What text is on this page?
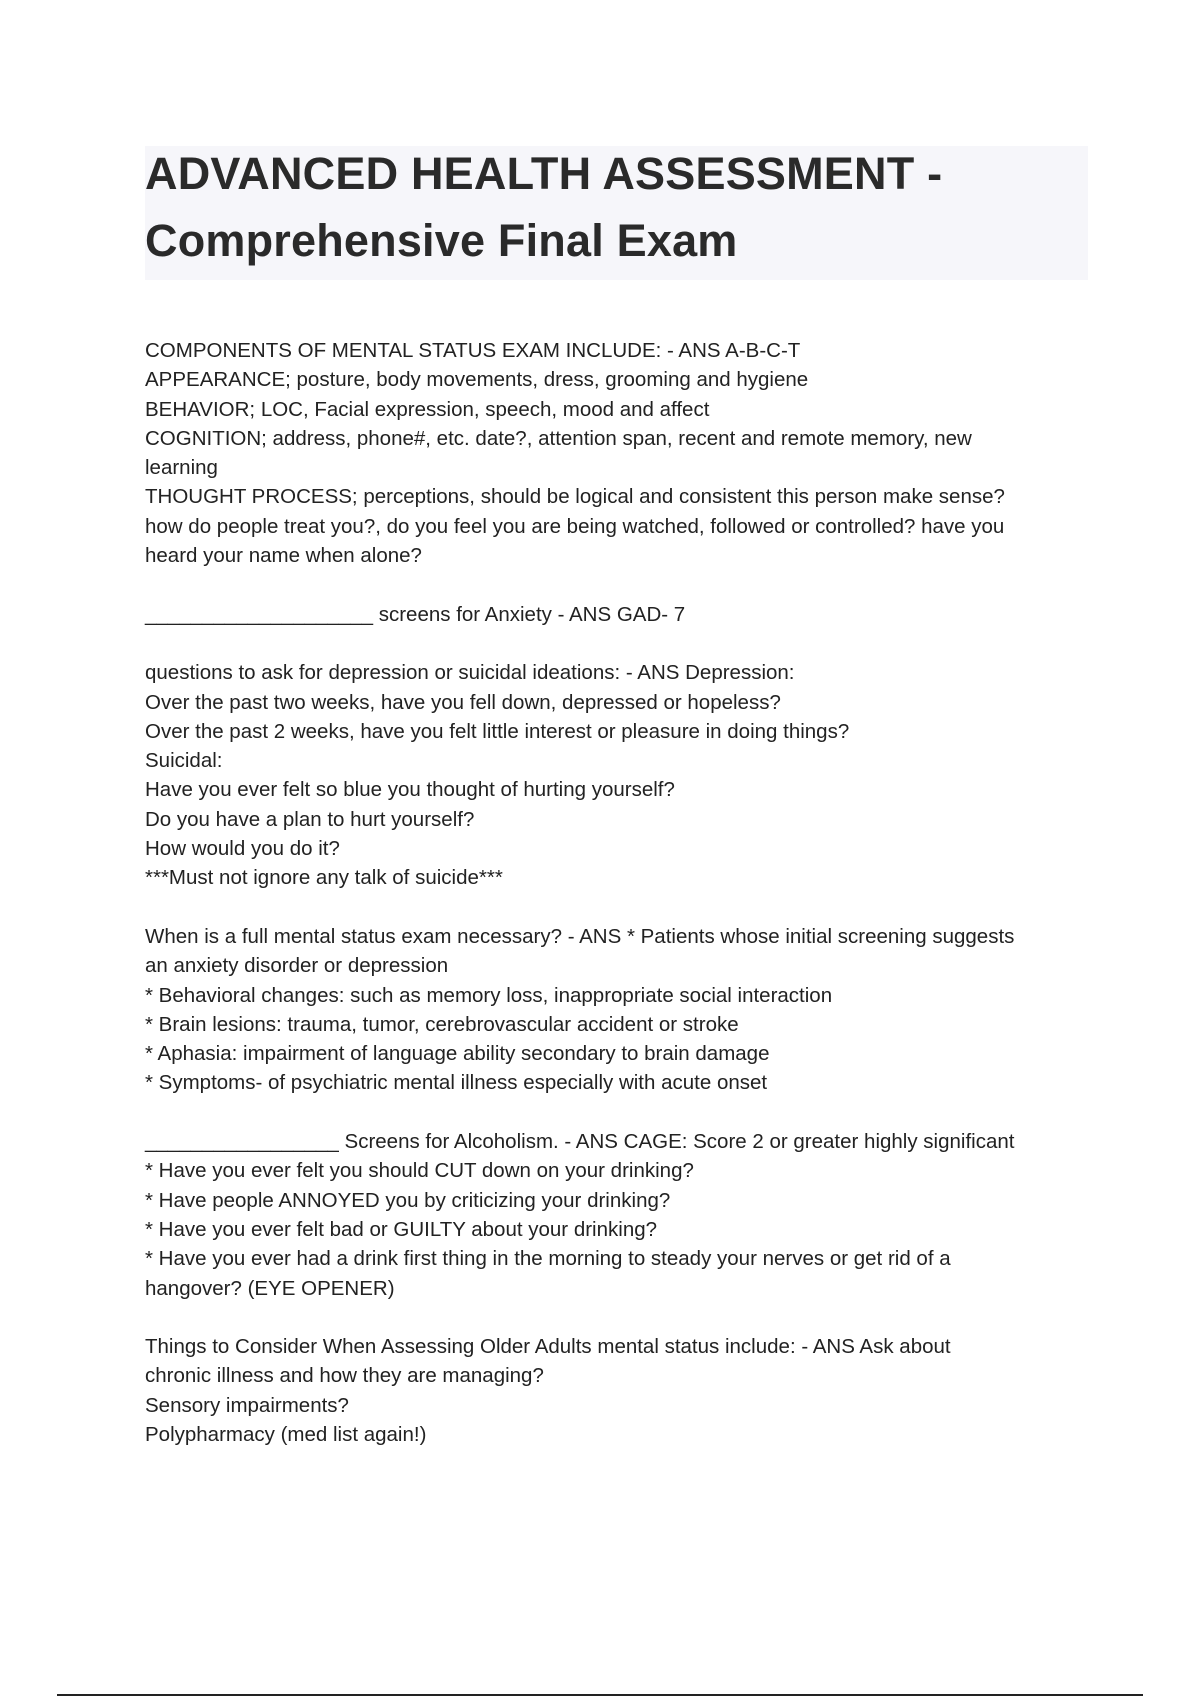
ADVANCED HEALTH ASSESSMENT -
Comprehensive Final Exam
COMPONENTS OF MENTAL STATUS EXAM INCLUDE: - ANS A-B-C-T
APPEARANCE; posture, body movements, dress, grooming and hygiene
BEHAVIOR; LOC, Facial expression, speech, mood and affect
COGNITION; address, phone#, etc. date?, attention span, recent and remote memory, new
learning
THOUGHT PROCESS; perceptions, should be logical and consistent this person make sense?
how do people treat you?, do you feel you are being watched, followed or controlled? have you
heard your name when alone?
____________________ screens for Anxiety - ANS GAD- 7
questions to ask for depression or suicidal ideations: - ANS Depression:
Over the past two weeks, have you fell down, depressed or hopeless?
Over the past 2 weeks, have you felt little interest or pleasure in doing things?
Suicidal:
Have you ever felt so blue you thought of hurting yourself?
Do you have a plan to hurt yourself?
How would you do it?
***Must not ignore any talk of suicide***
When is a full mental status exam necessary? - ANS * Patients whose initial screening suggests
an anxiety disorder or depression
* Behavioral changes: such as memory loss, inappropriate social interaction
* Brain lesions: trauma, tumor, cerebrovascular accident or stroke
* Aphasia: impairment of language ability secondary to brain damage
* Symptoms- of psychiatric mental illness especially with acute onset
_________________ Screens for Alcoholism. - ANS CAGE: Score 2 or greater highly significant
* Have you ever felt you should CUT down on your drinking?
* Have people ANNOYED you by criticizing your drinking?
* Have you ever felt bad or GUILTY about your drinking?
* Have you ever had a drink first thing in the morning to steady your nerves or get rid of a
hangover? (EYE OPENER)
Things to Consider When Assessing Older Adults mental status include: - ANS Ask about
chronic illness and how they are managing?
Sensory impairments?
Polypharmacy (med list again!)
